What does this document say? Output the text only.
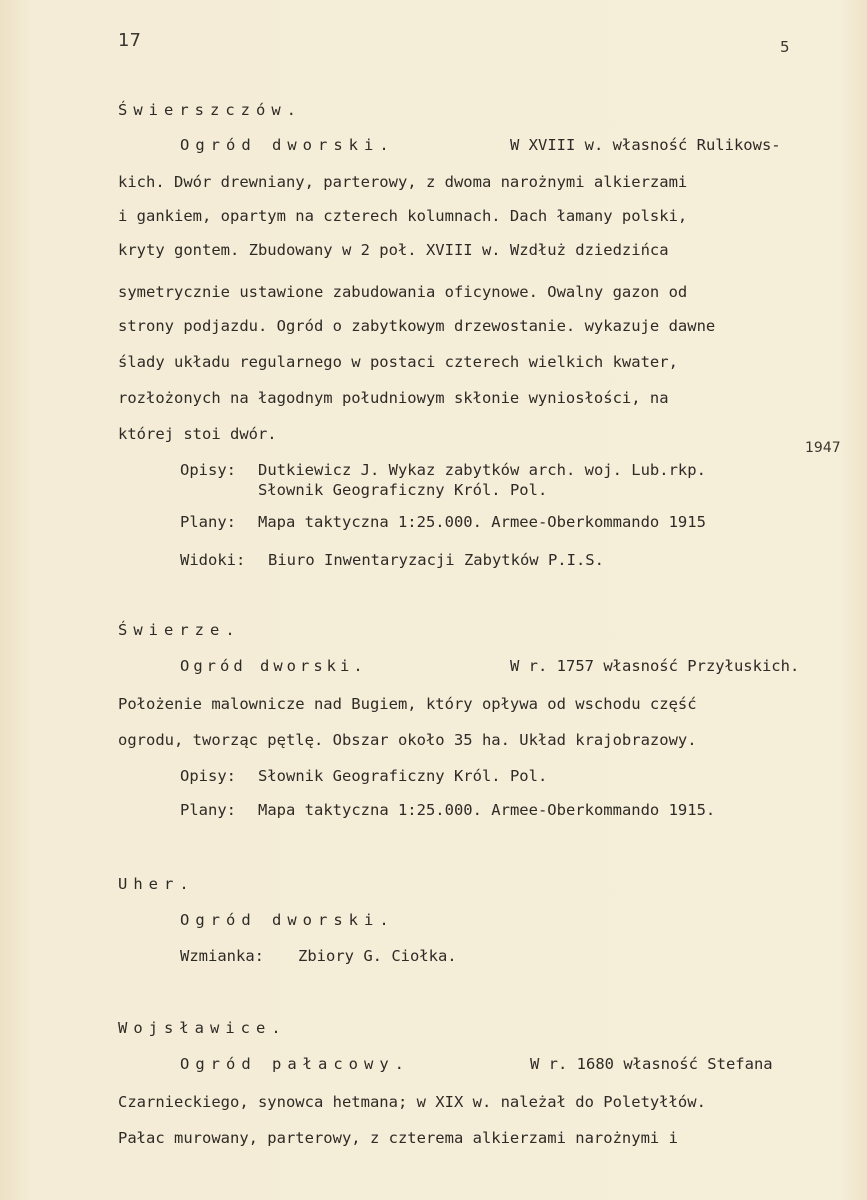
17	5
Świerszczów.
Ogród dworski.	W XVIII w. własność Rulikows-
kich. Dwór drewniany, parterowy, z dwoma narożnymi alkierzami
i gankiem, opartym na czterech kolumnach. Dach łamany polski,
kryty gontem. Zbudowany w 2 poł. XVIII w. Wzdłuż dziedzińca
symetrycznie ustawione zabudowania oficynowe. Owalny gazon od
strony podjazdu. Ogród o zabytkowym drzewostanie. wykazuje dawne
ślady układu regularnego w postaci czterech wielkich kwater,
rozłożonych na łagodnym południowym skłonie wyniosłości, na
której stoi dwór.
1947
Opisy: Dutkiewicz J. Wykaz zabytków arch. woj. Lub.rkp.
Słownik Geograficzny Król. Pol.
Plany: Mapa taktyczna 1:25.000. Armee-Oberkommando 1915
Widoki: Biuro Inwentaryzacji Zabytków P.I.S.
Świerze.
Ogród dworski.	W r. 1757 własność Przyłuskich.
Położenie malownicze nad Bugiem, który opływa od wschodu część
ogrodu, tworząc pętlę. Obszar około 35 ha. Układ krajobrazowy.
Opisy: Słownik Geograficzny Król. Pol.
Plany: Mapa taktyczna 1:25.000. Armee-Oberkommando 1915.
Uher.
Ogród dworski.
Wzmianka: Zbiory G. Ciołka.
Wojsławice.
Ogród pałacowy.	W r. 1680 własność Stefana
Czarnieckiego, synowca hetmana; w XIX w. należał do Poletyłłów.
Pałac murowany, parterowy, z czterema alkierzami narożnymi i
